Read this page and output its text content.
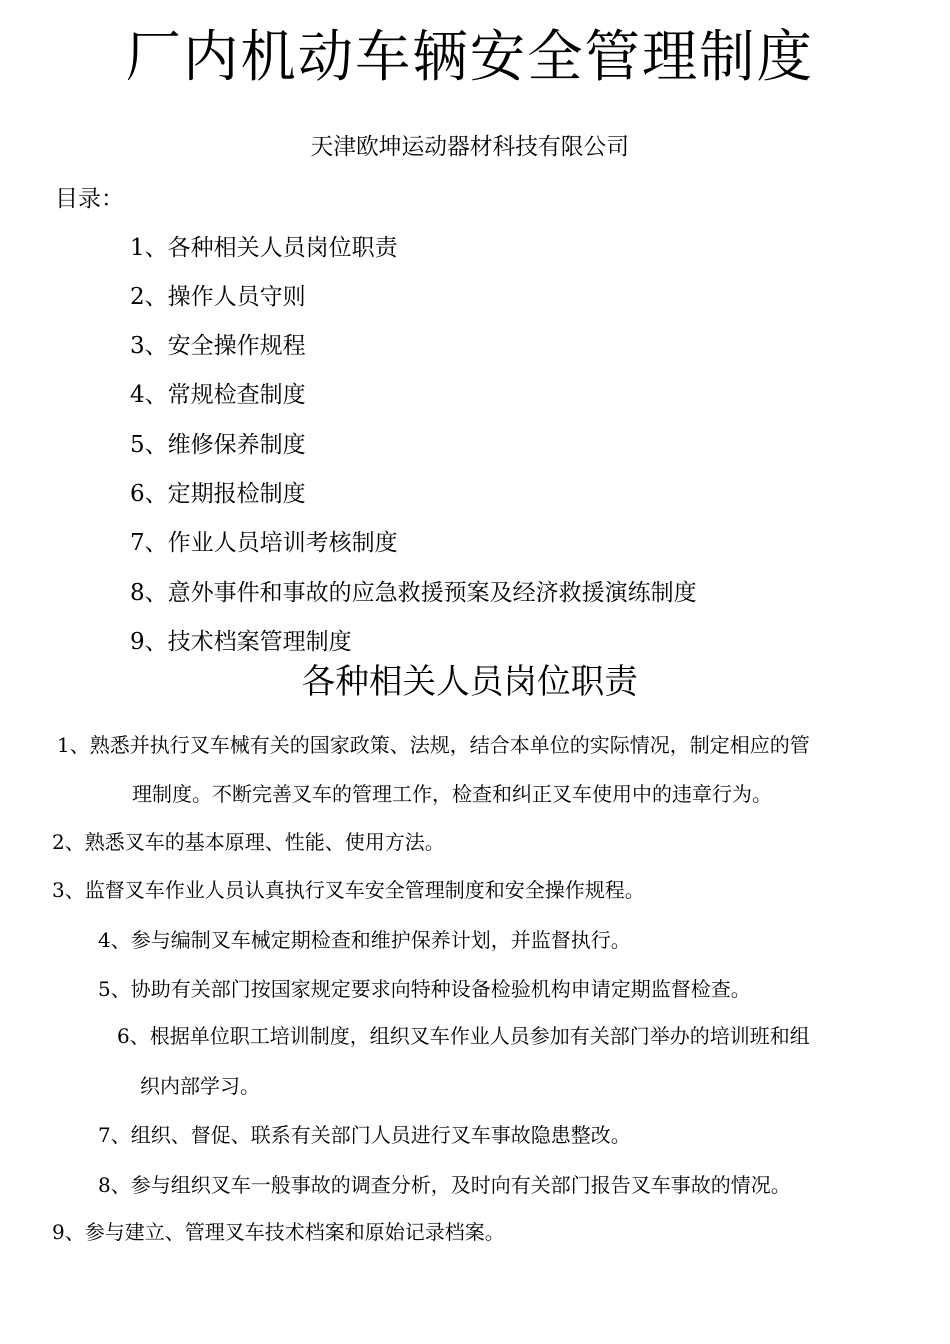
厂内机动车辆安全管理制度
天津欧坤运动器材科技有限公司
目录：
1、各种相关人员岗位职责
2、操作人员守则
3、安全操作规程
4、常规检查制度
5、维修保养制度
6、定期报检制度
7、作业人员培训考核制度
8、意外事件和事故的应急救援预案及经济救援演练制度
9、技术档案管理制度
各种相关人员岗位职责
1、熟悉并执行叉车械有关的国家政策、法规，结合本单位的实际情况，制定相应的管
理制度。不断完善叉车的管理工作，检查和纠正叉车使用中的违章行为。
2、熟悉叉车的基本原理、性能、使用方法。
3、监督叉车作业人员认真执行叉车安全管理制度和安全操作规程。
4、参与编制叉车械定期检查和维护保养计划，并监督执行。
5、协助有关部门按国家规定要求向特种设备检验机构申请定期监督检查。
6、根据单位职工培训制度，组织叉车作业人员参加有关部门举办的培训班和组
织内部学习。
7、组织、督促、联系有关部门人员进行叉车事故隐患整改。
8、参与组织叉车一般事故的调查分析，及时向有关部门报告叉车事故的情况。
9、参与建立、管理叉车技术档案和原始记录档案。
